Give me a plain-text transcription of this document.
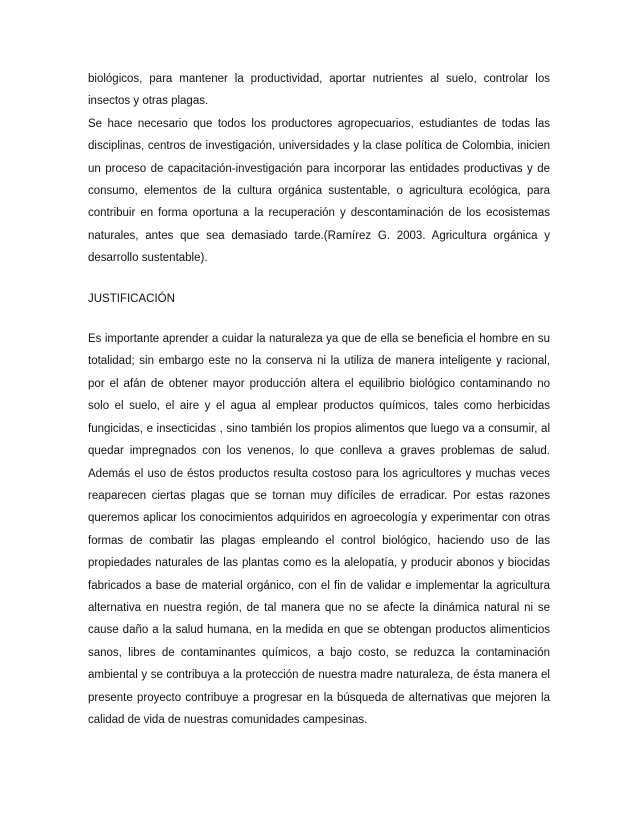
biológicos, para mantener la productividad, aportar nutrientes al suelo, controlar los insectos y otras plagas.

Se hace necesario que todos los productores agropecuarios, estudiantes de todas las disciplinas, centros de investigación, universidades y la clase política de Colombia, inicien un proceso de capacitación-investigación para incorporar las entidades productivas y de consumo, elementos de la cultura orgánica sustentable, o agricultura ecológica, para contribuir en forma oportuna a la recuperación y descontaminación de los ecosistemas naturales, antes que sea demasiado tarde.(Ramírez G. 2003. Agricultura orgánica y desarrollo sustentable).

JUSTIFICACIÓN

Es importante aprender a cuidar la naturaleza ya que de ella se beneficia el hombre en su totalidad; sin embargo este no la conserva ni la utiliza de manera inteligente y racional, por el afán de obtener mayor producción altera el equilibrio biológico contaminando no solo el suelo, el aire y el agua al emplear productos químicos, tales como herbicidas fungicidas, e insecticidas , sino también los propios alimentos que luego va a consumir, al quedar impregnados con los venenos, lo que conlleva a graves problemas de salud. Además el uso de éstos productos resulta costoso para los agricultores y muchas veces reaparecen ciertas plagas que se tornan muy difíciles de erradicar. Por estas razones queremos aplicar los conocimientos adquiridos en agroecología y experimentar con otras formas de combatir las plagas empleando el control biológico, haciendo uso de las propiedades naturales de las plantas como es la alelopatía, y producir abonos y biocidas fabricados a base de material orgánico, con el fin de validar e implementar la agricultura alternativa en nuestra región, de tal manera que no se afecte la dinámica natural ni se cause daño a la salud humana, en la medida en que se obtengan productos alimenticios sanos, libres de contaminantes químicos, a bajo costo, se reduzca la contaminación ambiental y se contribuya a la protección de nuestra madre naturaleza, de ésta manera el presente proyecto contribuye a progresar en la búsqueda de alternativas que mejoren la calidad de vida de nuestras comunidades campesinas.
